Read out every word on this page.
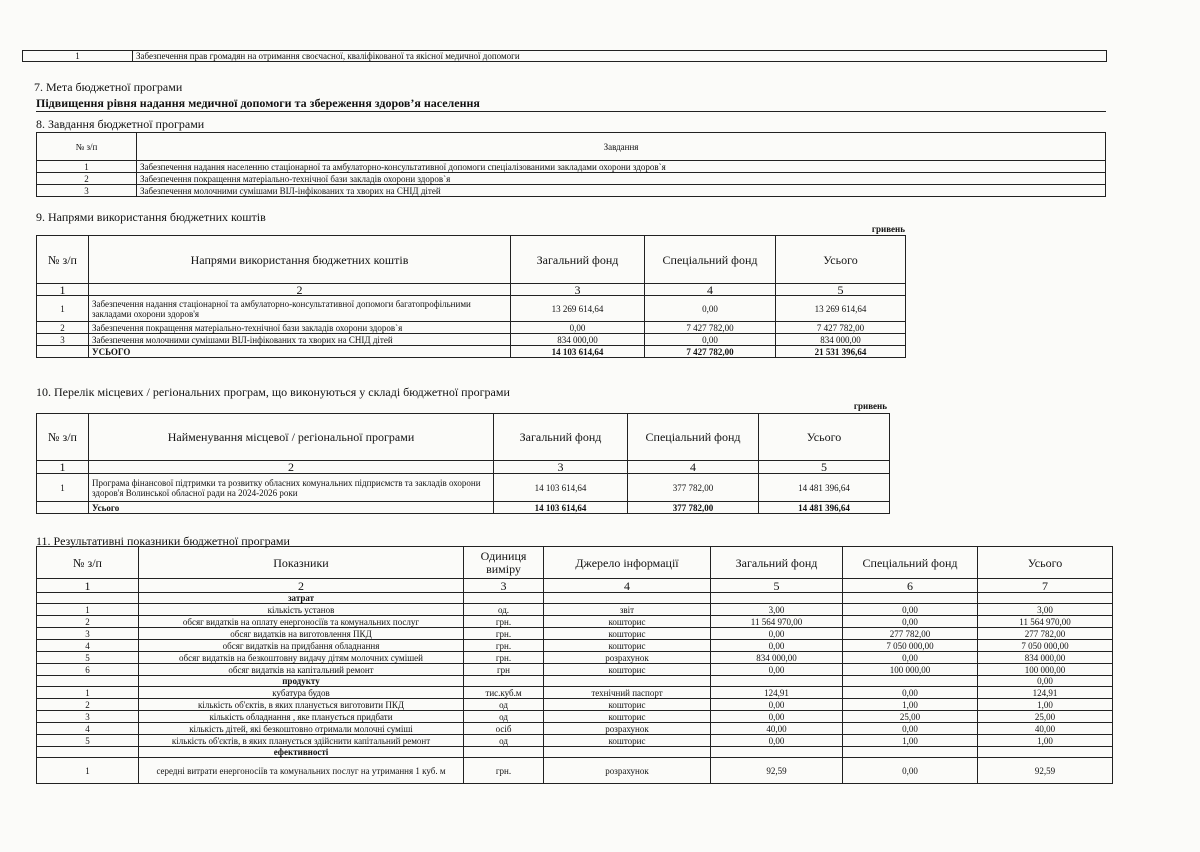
1	Забезпечення прав громадян на отримання своєчасної, кваліфікованої та якісної медичної допомоги
7. Мета бюджетної програми
Підвищення рівня надання медичної допомоги та збереження здоров’я населення
8. Завдання бюджетної програми
№ з/п	Завдання
1	Забезпечення надання населенню стаціонарної та амбулаторно-консультативної допомоги спеціалізованими закладами охорони здоров`я
2	Забезпечення покращення матеріально-технічної бази закладів охорони здоров`я
3	Забезпечення молочними сумішами ВІЛ-інфікованих та хворих на СНІД дітей
9. Напрями використання бюджетних коштів
гривень
№ з/п	Напрями використання бюджетних коштів	Загальний фонд	Спеціальний фонд	Усього
1	2	3	4	5
1	Забезпечення надання стаціонарної та амбулаторно-консультативної допомоги багатопрофільними закладами охорони здоров'я	13 269 614,64	0,00	13 269 614,64
2	Забезпечення покращення матеріально-технічної бази закладів охорони здоров`я	0,00	7 427 782,00	7 427 782,00
3	Забезпечення молочними сумішами ВІЛ-інфікованих та хворих на СНІД дітей	834 000,00	0,00	834 000,00
	УСЬОГО	14 103 614,64	7 427 782,00	21 531 396,64
10. Перелік місцевих / регіональних програм, що виконуються у складі бюджетної програми
гривень
№ з/п	Найменування місцевої / регіональної програми	Загальний фонд	Спеціальний фонд	Усього
1	2	3	4	5
1	Програма фінансової підтримки та розвитку обласних комунальних підприємств та закладів охорони здоров'я Волинської обласної ради на 2024-2026 роки	14 103 614,64	377 782,00	14 481 396,64
	Усього	14 103 614,64	377 782,00	14 481 396,64
11. Результативні показники бюджетної програми
№ з/п	Показники	Одиниця виміру	Джерело інформації	Загальний фонд	Спеціальний фонд	Усього
1	2	3	4	5	6	7
	затрат					
1	кількість установ	од.	звіт	3,00	0,00	3,00
2	обсяг видатків на оплату енергоносіїв та комунальних послуг	грн.	кошторис	11 564 970,00	0,00	11 564 970,00
3	обсяг видатків на виготовлення ПКД	грн.	кошторис	0,00	277 782,00	277 782,00
4	обсяг видатків на придбання обладнання	грн.	кошторис	0,00	7 050 000,00	7 050 000,00
5	обсяг видатків на безкоштовну видачу дітям молочних сумішей	грн.	розрахунок	834 000,00	0,00	834 000,00
6	обсяг видатків на капітальний ремонт	грн	кошторис	0,00	100 000,00	100 000,00
	продукту					0,00
1	кубатура будов	тис.куб.м	технічний паспорт	124,91	0,00	124,91
2	кількість об'єктів, в яких планується виготовити ПКД	од	кошторис	0,00	1,00	1,00
3	кількість обладнання , яке планується придбати	од	кошторис	0,00	25,00	25,00
4	кількість дітей, які безкоштовно отримали молочні суміші	осіб	розрахунок	40,00	0,00	40,00
5	кількість об'єктів, в яких планується здійснити капітальний ремонт	од	кошторис	0,00	1,00	1,00
	ефективності					
1	середні витрати енергоносіїв та комунальних послуг на утримання 1 куб. м	грн.	розрахунок	92,59	0,00	92,59
